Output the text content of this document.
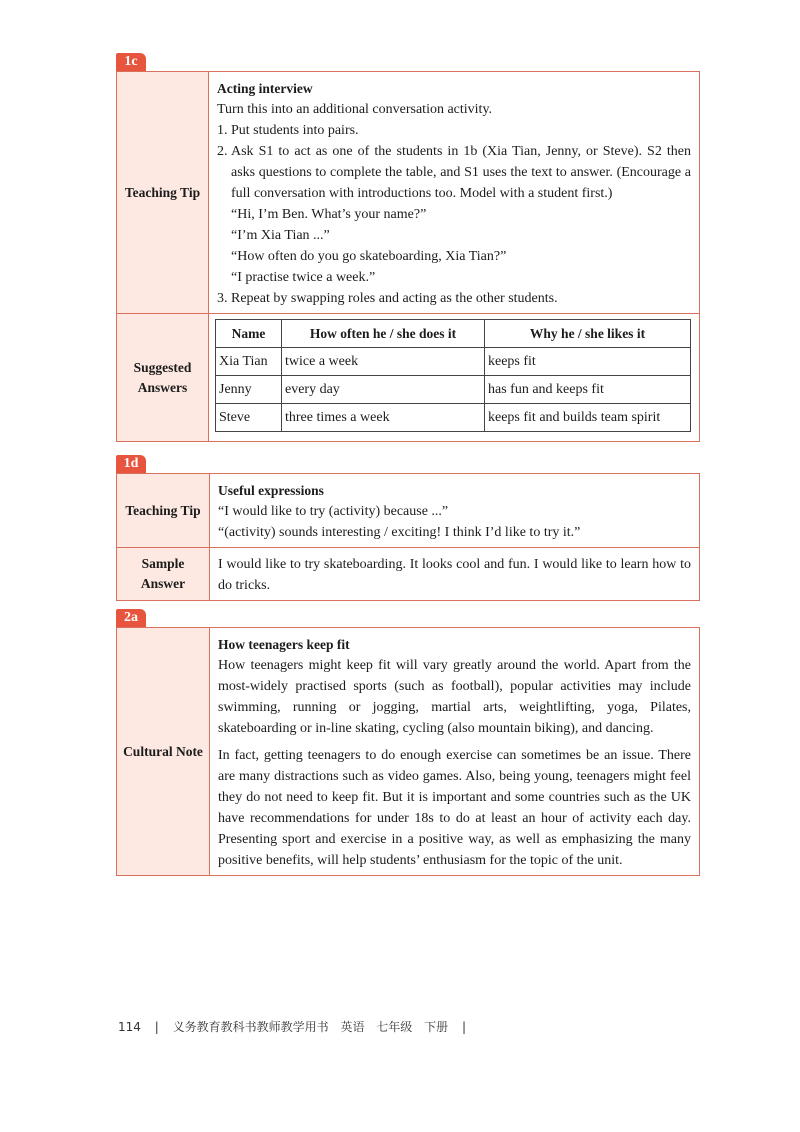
1c
Teaching Tip	
Acting interview
Turn this into an additional conversation activity.
1. Put students into pairs.
2. Ask S1 to act as one of the students in 1b (Xia Tian, Jenny, or Steve). S2 then asks questions to complete the table, and S1 uses the text to answer. (Encourage a full conversation with introductions too. Model with a student first.)
“Hi, I’m Ben. What’s your name?”
“I’m Xia Tian ...”
“How often do you go skateboarding, Xia Tian?”
“I practise twice a week.”
3. Repeat by swapping roles and acting as the other students.

Suggested
Answers

Name	How often he / she does it	Why he / she likes it
Xia Tian	twice a week	keeps fit
Jenny	every day	has fun and keeps fit
Steve	three times a week	keeps fit and builds team spirit
1d
Teaching Tip	Useful expressions
“I would like to try (activity) because ...”
“(activity) sounds interesting / exciting! I think I’d like to try it.”

Sample
Answer	I would like to try skateboarding. It looks cool and fun. I would like to learn how to do tricks.
2a
Cultural Note	
How teenagers keep fit
How teenagers might keep fit will vary greatly around the world. Apart from the most-widely practised sports (such as football), popular activities may include swimming, running or jogging, martial arts, weightlifting, yoga, Pilates, skateboarding or in-line skating, cycling (also mountain biking), and dancing.
In fact, getting teenagers to do enough exercise can sometimes be an issue. There are many distractions such as video games. Also, being young, teenagers might feel they do not need to keep fit. But it is important and some countries such as the UK have recommendations for under 18s to do at least an hour of activity each day. Presenting sport and exercise in a positive way, as well as emphasizing the many positive benefits, will help students’ enthusiasm for the topic of the unit.
114 | 义务教育教科书教师教学用书 英语 七年级 下册 |
